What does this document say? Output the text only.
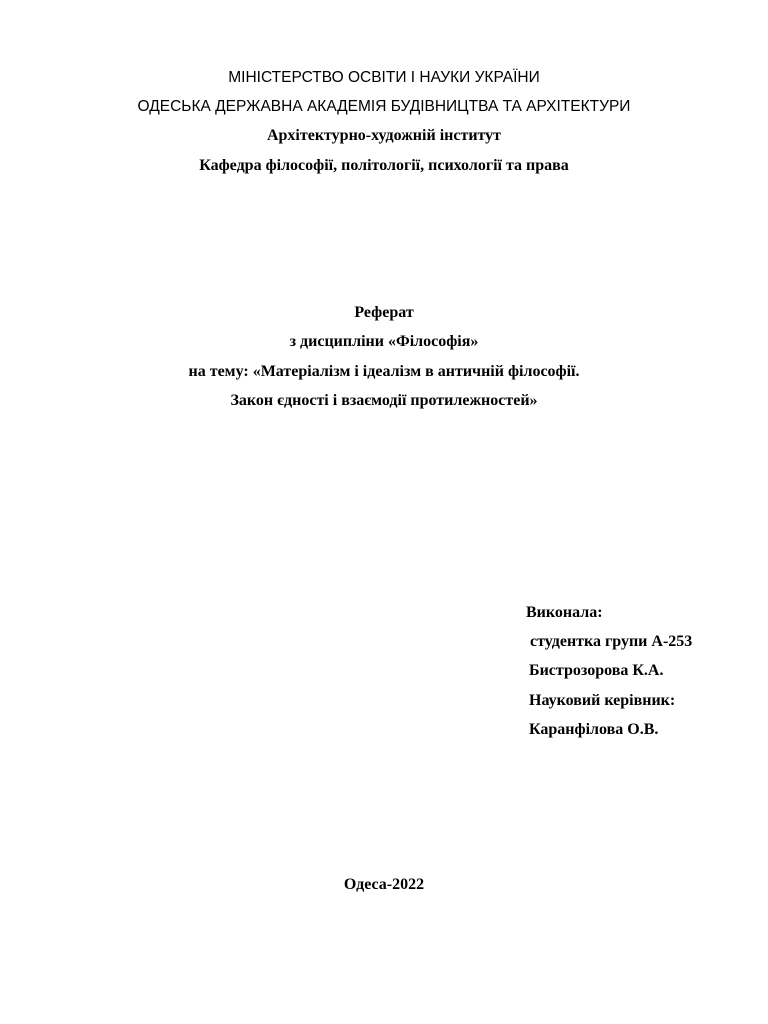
МІНІСТЕРСТВО ОСВІТИ І НАУКИ УКРАЇНИ
ОДЕСЬКА ДЕРЖАВНА АКАДЕМІЯ БУДІВНИЦТВА ТА АРХІТЕКТУРИ
Архітектурно-художній інститут
Кафедра філософії, політології, психології та права
Реферат
з дисципліни «Філософія»
на тему: «Матеріалізм і ідеалізм в античній філософії.
Закон єдності і взаємодії протилежностей»
Виконала:
студентка групи А-253
Бистрозорова К.А.
Науковий керівник:
Каранфілова О.В.
Одеса-2022
